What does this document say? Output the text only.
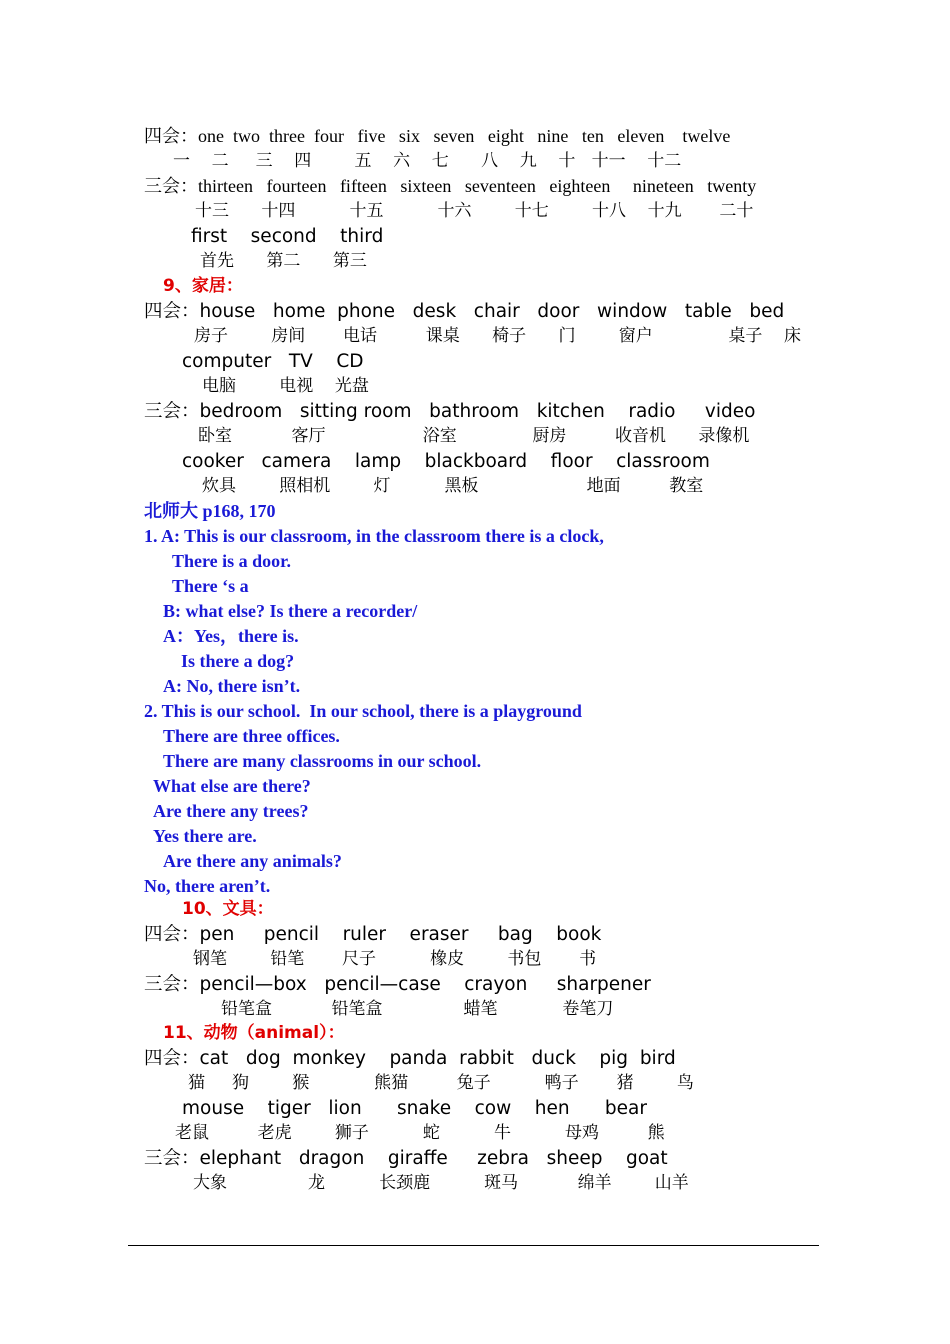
四会：one  two  three  four   five   six   seven   eight   nine   ten   eleven    twelve
一    二     三    四        五    六    七      八    九    十   十一    十二
三会：thirteen   fourteen   fifteen   sixteen   seventeen   eighteen     nineteen   twenty
十三      十四          十五          十六        十七        十八    十九       二十
first    second    third
首先      第二      第三
9、家居：
四会：house   home  phone   desk   chair   door   window   table   bed
房子        房间       电话         课桌      椅子      门        窗户              桌子    床
computer   TV    CD
电脑        电视    光盘
三会：bedroom   sitting room   bathroom   kitchen    radio     video
卧室           客厅                  浴室              厨房         收音机      录像机
cooker   camera    lamp    blackboard    floor    classroom
炊具        照相机        灯          黑板                    地面         教室
北师大 p168, 170
1. A: This is our classroom, in the classroom there is a clock,
There is a door.
There ‘s a
B: what else? Is there a recorder/
A：Yes，there is.
Is there a dog?
A: No, there isn’t.
2. This is our school.  In our school, there is a playground
There are three offices.
There are many classrooms in our school.
What else are there?
Are there any trees?
Yes there are.
Are there any animals?
No, there aren’t.
10、文具：
四会：pen     pencil    ruler    eraser     bag    book
钢笔        铅笔       尺子          橡皮        书包       书
三会：pencil—box   pencil—case    crayon     sharpener
铅笔盒           铅笔盒               蜡笔            卷笔刀
11、动物（animal）：
四会：cat   dog  monkey    panda  rabbit   duck    pig  bird
猫     狗        猴            熊猫         兔子          鸭子       猪        鸟
mouse    tiger   lion      snake    cow    hen      bear
老鼠         老虎        狮子          蛇          牛          母鸡         熊
三会：elephant   dragon    giraffe     zebra   sheep    goat
大象               龙          长颈鹿          斑马           绵羊        山羊
